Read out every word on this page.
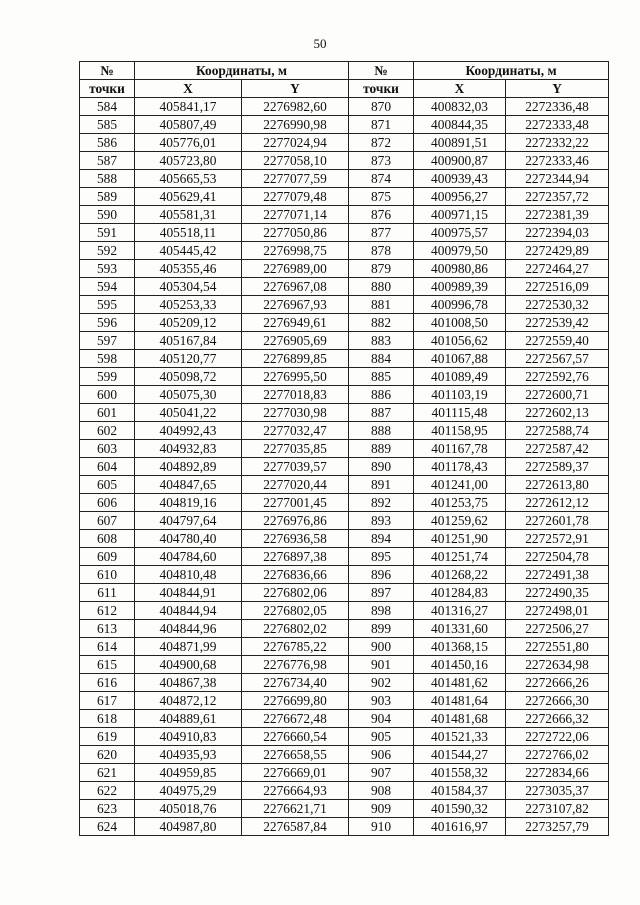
50
№	Координаты, м		№	Координаты, м	
точки	X	Y	точки	X	Y
584	405841,17	2276982,60	870	400832,03	2272336,48
585	405807,49	2276990,98	871	400844,35	2272333,48
586	405776,01	2277024,94	872	400891,51	2272332,22
587	405723,80	2277058,10	873	400900,87	2272333,46
588	405665,53	2277077,59	874	400939,43	2272344,94
589	405629,41	2277079,48	875	400956,27	2272357,72
590	405581,31	2277071,14	876	400971,15	2272381,39
591	405518,11	2277050,86	877	400975,57	2272394,03
592	405445,42	2276998,75	878	400979,50	2272429,89
593	405355,46	2276989,00	879	400980,86	2272464,27
594	405304,54	2276967,08	880	400989,39	2272516,09
595	405253,33	2276967,93	881	400996,78	2272530,32
596	405209,12	2276949,61	882	401008,50	2272539,42
597	405167,84	2276905,69	883	401056,62	2272559,40
598	405120,77	2276899,85	884	401067,88	2272567,57
599	405098,72	2276995,50	885	401089,49	2272592,76
600	405075,30	2277018,83	886	401103,19	2272600,71
601	405041,22	2277030,98	887	401115,48	2272602,13
602	404992,43	2277032,47	888	401158,95	2272588,74
603	404932,83	2277035,85	889	401167,78	2272587,42
604	404892,89	2277039,57	890	401178,43	2272589,37
605	404847,65	2277020,44	891	401241,00	2272613,80
606	404819,16	2277001,45	892	401253,75	2272612,12
607	404797,64	2276976,86	893	401259,62	2272601,78
608	404780,40	2276936,58	894	401251,90	2272572,91
609	404784,60	2276897,38	895	401251,74	2272504,78
610	404810,48	2276836,66	896	401268,22	2272491,38
611	404844,91	2276802,06	897	401284,83	2272490,35
612	404844,94	2276802,05	898	401316,27	2272498,01
613	404844,96	2276802,02	899	401331,60	2272506,27
614	404871,99	2276785,22	900	401368,15	2272551,80
615	404900,68	2276776,98	901	401450,16	2272634,98
616	404867,38	2276734,40	902	401481,62	2272666,26
617	404872,12	2276699,80	903	401481,64	2272666,30
618	404889,61	2276672,48	904	401481,68	2272666,32
619	404910,83	2276660,54	905	401521,33	2272722,06
620	404935,93	2276658,55	906	401544,27	2272766,02
621	404959,85	2276669,01	907	401558,32	2272834,66
622	404975,29	2276664,93	908	401584,37	2273035,37
623	405018,76	2276621,71	909	401590,32	2273107,82
624	404987,80	2276587,84	910	401616,97	2273257,79
